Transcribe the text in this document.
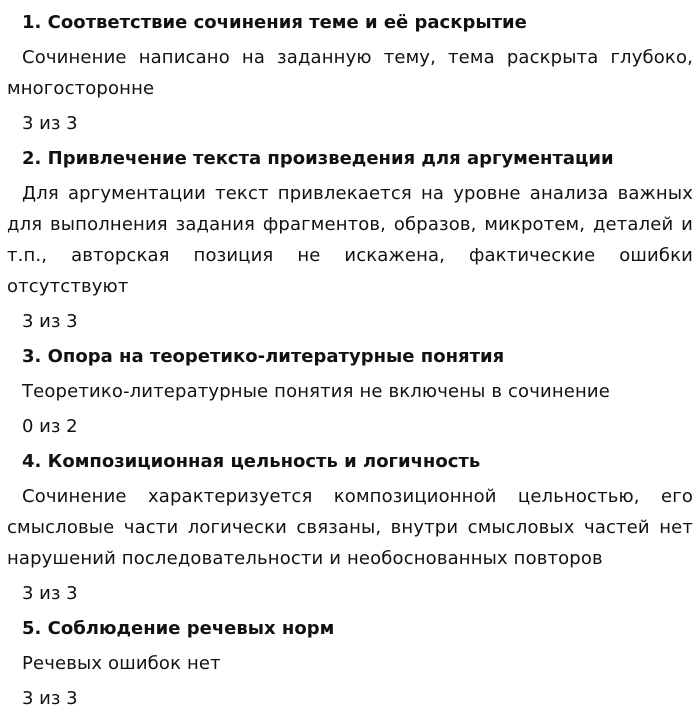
1. Соответствие сочинения теме и её раскрытие
Сочинение написано на заданную тему, тема раскрыта глубоко, многосторонне
3 из 3
2. Привлечение текста произведения для аргументации
Для аргументации текст привлекается на уровне анализа важных для выполнения задания фрагментов, образов, микротем, деталей и т.п., авторская позиция не искажена, фактические ошибки отсутствуют
3 из 3
3. Опора на теоретико-литературные понятия
Теоретико-литературные понятия не включены в сочинение
0 из 2
4. Композиционная цельность и логичность
Сочинение характеризуется композиционной цельностью, его смысловые части логически связаны, внутри смысловых частей нет нарушений последовательности и необоснованных повторов
3 из 3
5. Соблюдение речевых норм
Речевых ошибок нет
3 из 3
